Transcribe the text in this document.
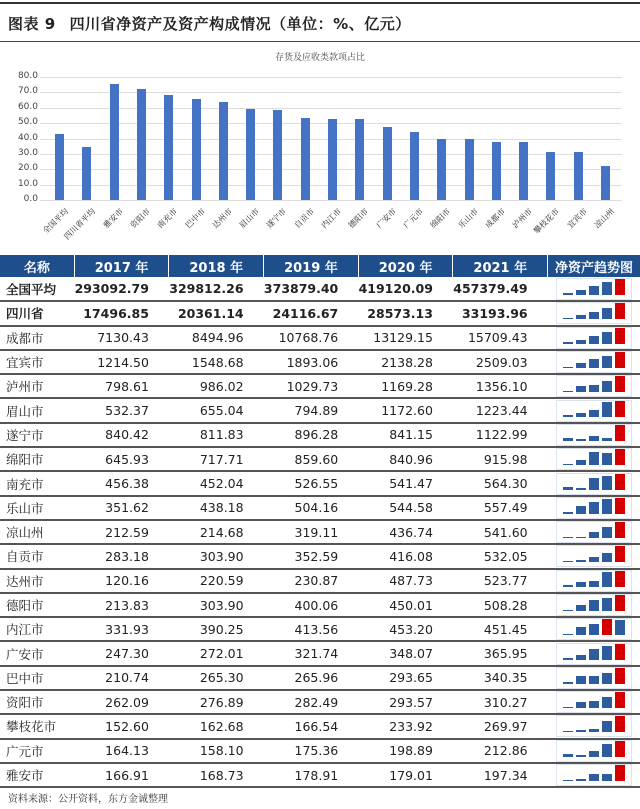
图表 9 四川省净资产及资产构成情况（单位：%、亿元）
存货及应收类款项占比
0.0
10.0
20.0
30.0
40.0
50.0
60.0
70.0
80.0
全国平均
四川省平均 雅安市 资阳市 南充市 巴中市 达州市 眉山市 遂宁市 自贡市 内江市 德阳市 广安市 广元市 绵阳市 乐山市 成都市 泸州市
攀枝花市 宜宾市 凉山州
名称	2017 年	2018 年	2019 年	2020 年	2021 年	净资产趋势图
全国平均	293092.79	329812.26	373879.40	419120.09	457379.49	

四川省	17496.85	20361.14	24116.67	28573.13	33193.96	

成都市	7130.43	8494.96	10768.76	13129.15	15709.43	

宜宾市	1214.50	1548.68	1893.06	2138.28	2509.03	

泸州市	798.61	986.02	1029.73	1169.28	1356.10	

眉山市	532.37	655.04	794.89	1172.60	1223.44	

遂宁市	840.42	811.83	896.28	841.15	1122.99	

绵阳市	645.93	717.71	859.60	840.96	915.98	

南充市	456.38	452.04	526.55	541.47	564.30	

乐山市	351.62	438.18	504.16	544.58	557.49	

凉山州	212.59	214.68	319.11	436.74	541.60	

自贡市	283.18	303.90	352.59	416.08	532.05	

达州市	120.16	220.59	230.87	487.73	523.77	

德阳市	213.83	303.90	400.06	450.01	508.28	

内江市	331.93	390.25	413.56	453.20	451.45	

广安市	247.30	272.01	321.74	348.07	365.95	

巴中市	210.74	265.30	265.96	293.65	340.35	

资阳市	262.09	276.89	282.49	293.57	310.27	

攀枝花市	152.60	162.68	166.54	233.92	269.97	

广元市	164.13	158.10	175.36	198.89	212.86	

雅安市	166.91	168.73	178.91	179.01	197.34	
资料来源：公开资料，东方金诚整理
